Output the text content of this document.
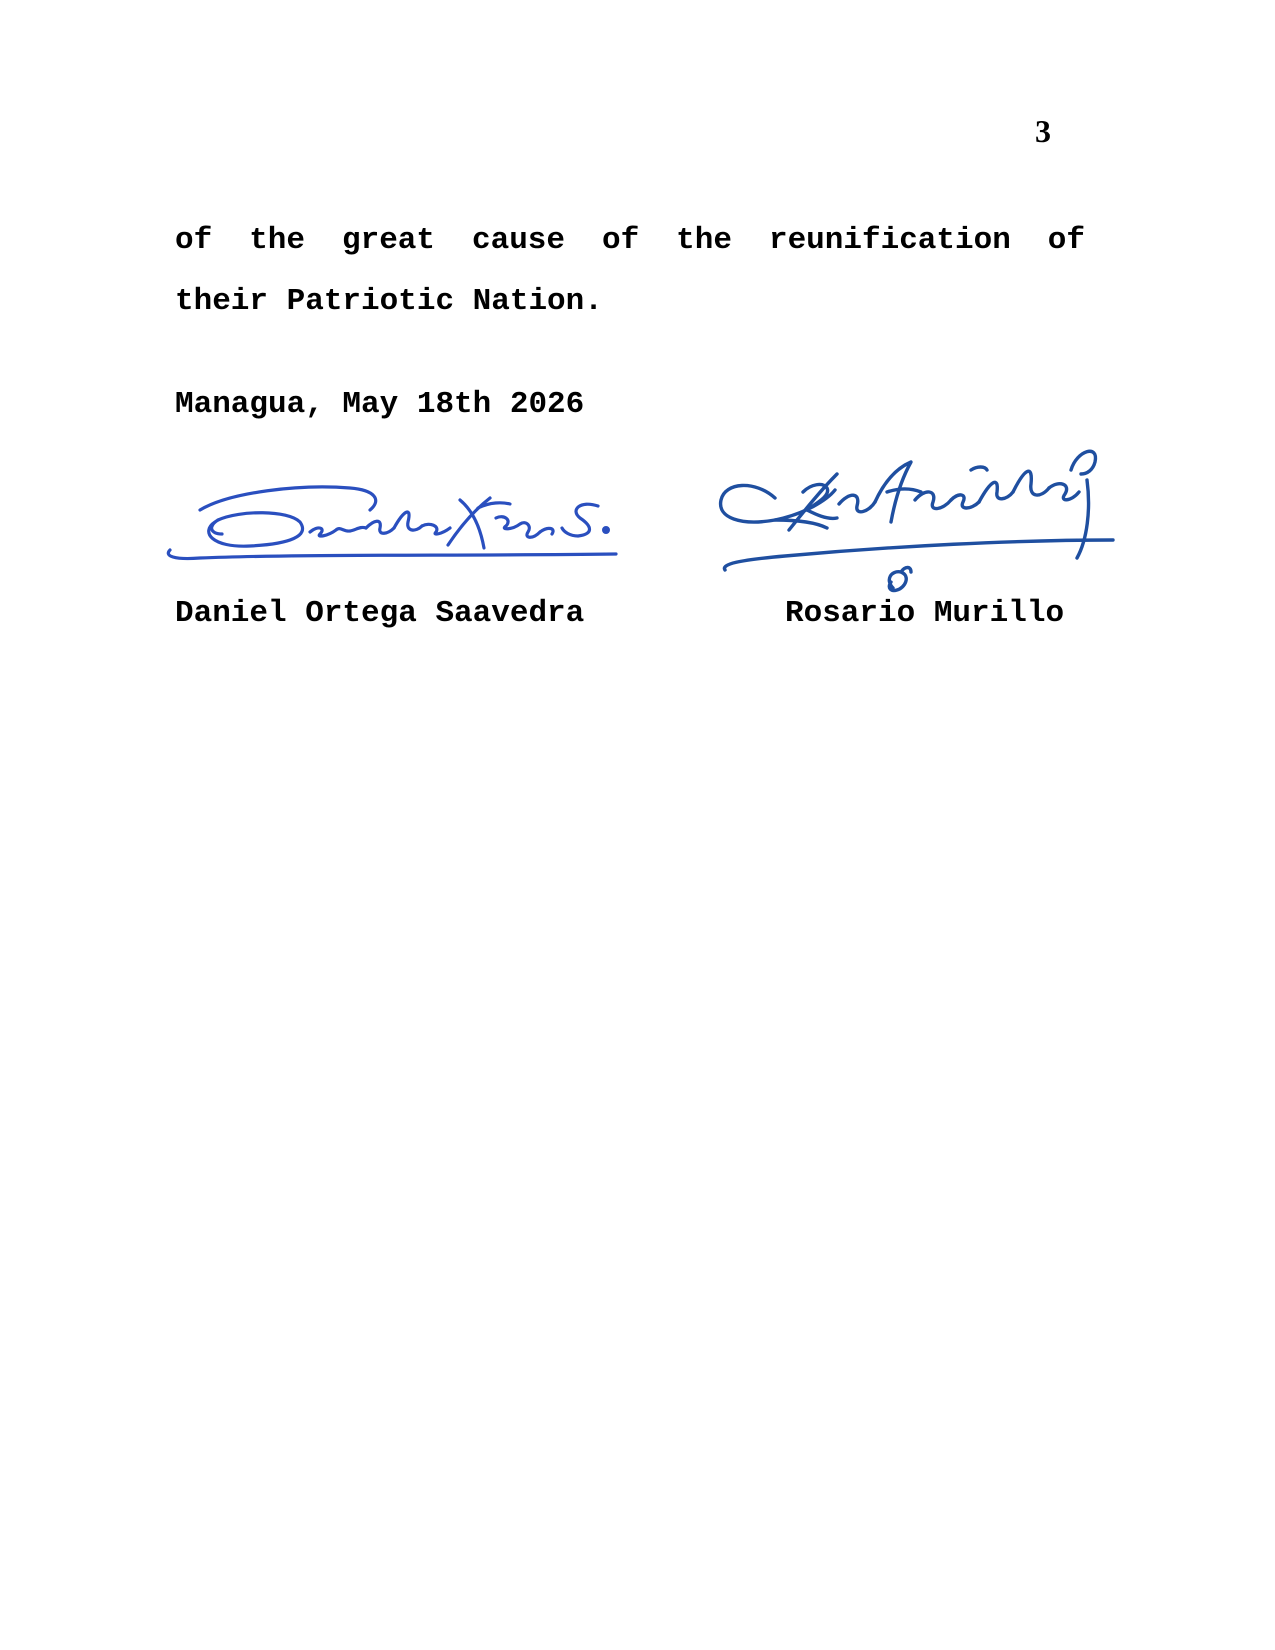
3
of the great cause of the reunification of
their Patriotic Nation.
Managua, May 18th 2026
Daniel Ortega Saavedra	Rosario Murillo
